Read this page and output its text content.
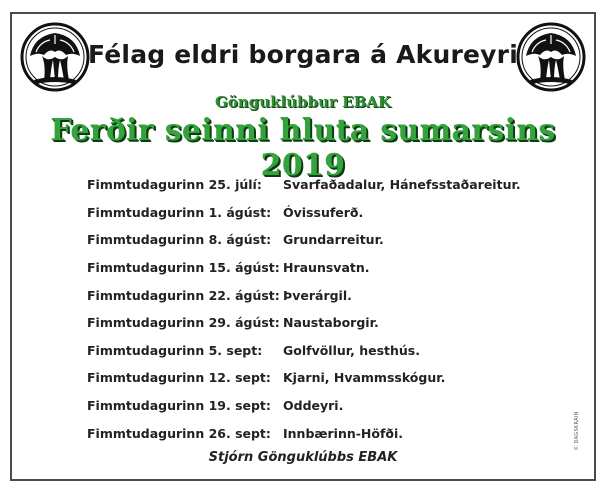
Félag eldri borgara á Akureyri
Gönguklúbbur EBAK
Ferðir seinni hluta sumarsins 2019
Fimmtudagurinn 25. júlí:	Svarfaðadalur, Hánefsstaðareitur.
Fimmtudagurinn 1. ágúst: Óvissuferð.
Fimmtudagurinn 8. ágúst: Grundarreitur.
Fimmtudagurinn 15. ágúst: Hraunsvatn.
Fimmtudagurinn 22. ágúst: Þverárgil.
Fimmtudagurinn 29. ágúst: Naustaborgir.
Fimmtudagurinn 5. sept:	Golfvöllur, hesthús.
Fimmtudagurinn 12. sept: Kjarni, Hvammsskógur.
Fimmtudagurinn 19. sept: Oddeyri.
Fimmtudagurinn 26. sept: Innbærinn-Höfði.
Stjórn Gönguklúbbs EBAK
© DAGSKRÁIN
